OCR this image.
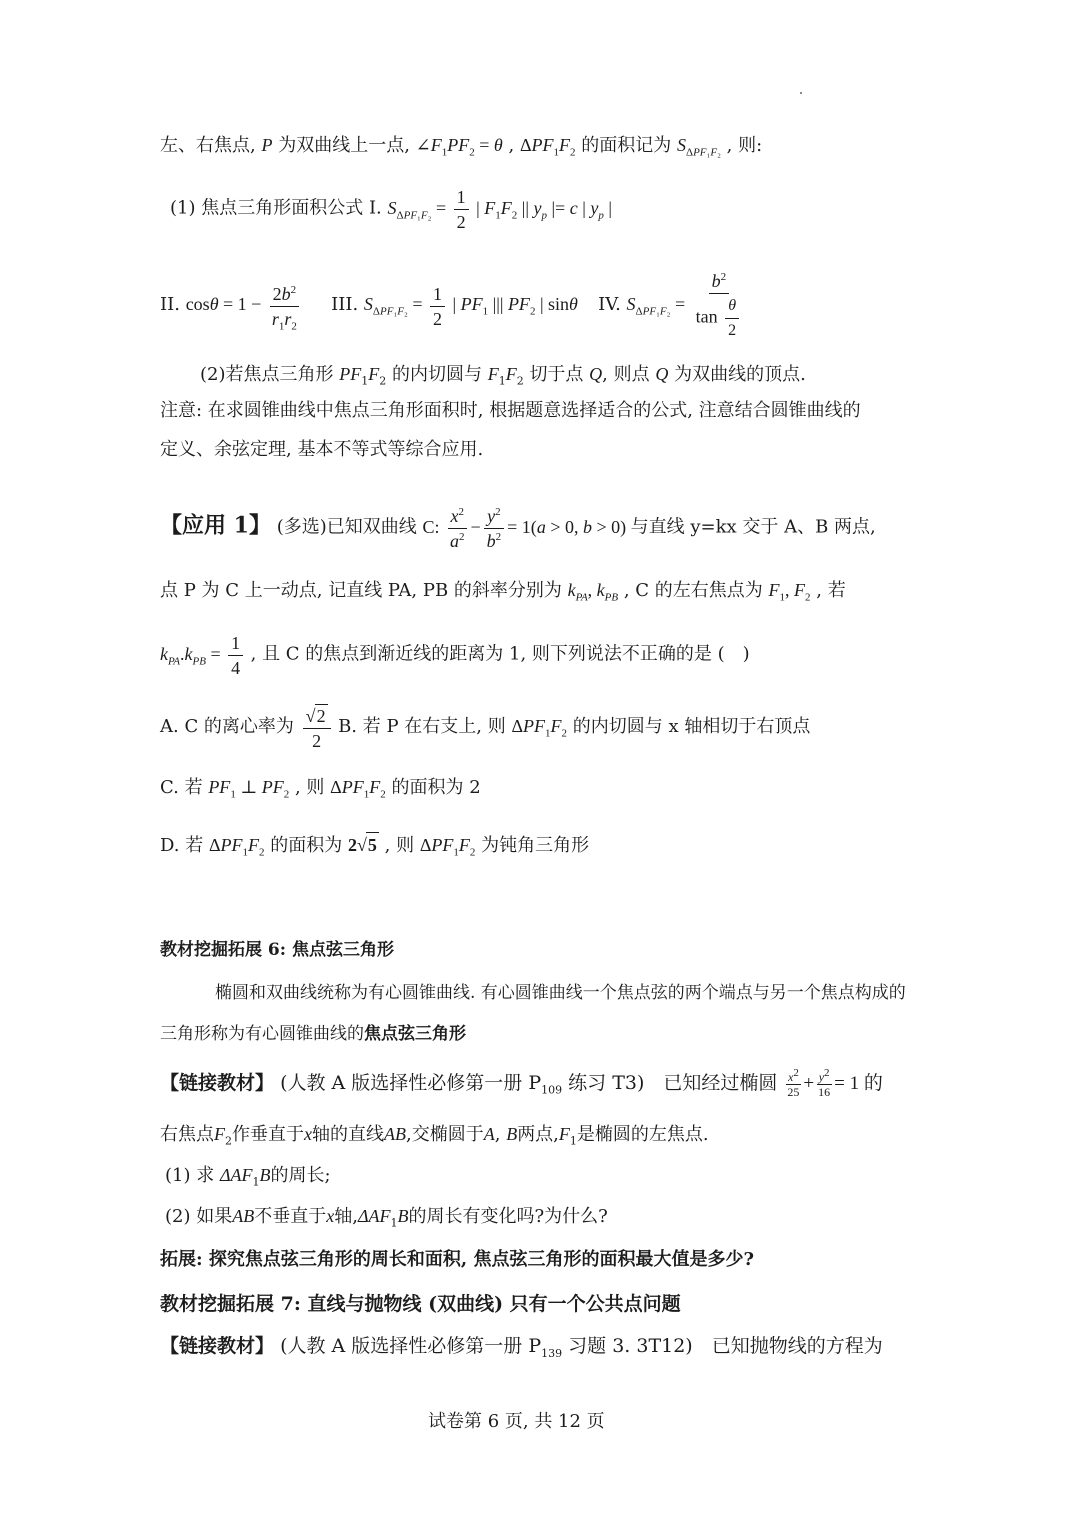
左、右焦点, P 为双曲线上一点, $\angle F_1PF_2 = \theta$ , $\Delta PF_1F_2$ 的面积记为 $S_{\Delta PF_1F_2}$ , 则:
(1) 焦点三角形面积公式 I. $S_{\Delta PF_1F_2} = \frac{1}{2}$ | $F_1F_2$ || $y_p$ |= c | $y_p$ |
II. $\cos\theta = 1 - \frac{2b^2}{r_1r_2}$ III. $S_{\Delta PF_1F_2} = \frac{1}{2}$ | $PF_1$ ||| $PF_2$ | sinθ IV. $S_{\Delta PF_1F_2} = \frac{b^2}{\tan \frac{\theta}{2}}$
(2)若焦点三角形 $PF_1F_2$ 的内切圆与 $F_1F_2$ 切于点 Q, 则点 Q 为双曲线的顶点.
注意: 在求圆锥曲线中焦点三角形面积时, 根据题意选择适合的公式, 注意结合圆锥曲线的
定义、余弦定理, 基本不等式等综合应用.
【应用 1】 (多选)已知双曲线 C: $\frac{x^2}{a^2} - \frac{y^2}{b^2} = 1(a > 0$, b > 0) 与直线 y=kx 交于 A、B 两点,
点 P 为 C 上一动点, 记直线 PA, PB 的斜率分别为 $k_{PA}$, $k_{PB}$ , C 的左右焦点为 $F_1$, $F_2$ , 若
$k_{PA}.k_{PB} = \frac{1}{4}$ , 且 C 的焦点到渐近线的距离为 1, 则下列说法不正确的是 (　)
A. C 的离心率为 $\frac{√2}{2} B$. 若 P 在右支上, 则 $\Delta PF_1F_2$ 的内切圆与 x 轴相切于右顶点
C. 若 $PF_1$ ⊥ $PF_2$ , 则 $\Delta PF_1F_2$ 的面积为 2
D. 若 $\Delta PF_1F_2$ 的面积为 2√5 , 则 $\Delta PF_1F_2$ 为钝角三角形
教材挖掘拓展 6: 焦点弦三角形
椭圆和双曲线统称为有心圆锥曲线. 有心圆锥曲线一个焦点弦的两个端点与另一个焦点构成的
三角形称为有心圆锥曲线的焦点弦三角形
【链接教材】 (人教 A 版选择性必修第一册 $P_{109}$ 练习 T3)　已知经过椭圆 $\frac{x^2}{25} + \frac{y^2}{16} = 1$ 的
右焦点$F_2$作垂直于x轴的直线AB,交椭圆于A, B两点$,F_1$是椭圆的左焦点.
(1) 求 $\Delta AF_1B$的周长;
(2) 如果AB不垂直于x轴$,\Delta AF_1B$的周长有变化吗?为什么?
拓展: 探究焦点弦三角形的周长和面积, 焦点弦三角形的面积最大值是多少?
教材挖掘拓展 7: 直线与抛物线 (双曲线) 只有一个公共点问题
【链接教材】 (人教 A 版选择性必修第一册 $P_{139}$ 习题 3. 3T12)　已知抛物线的方程为
试卷第 6 页, 共 12 页
